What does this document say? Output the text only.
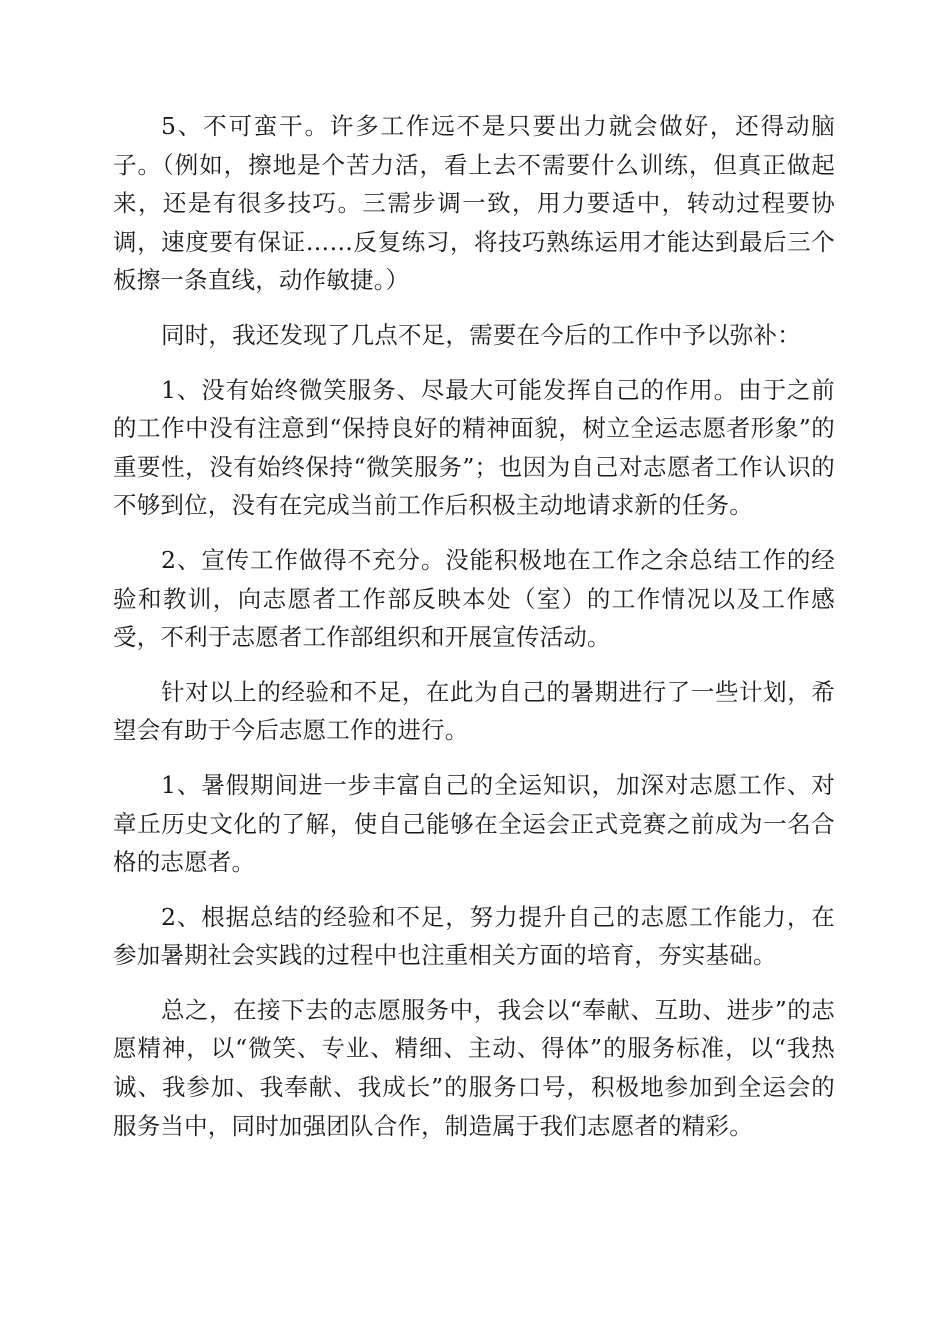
5、不可蛮干。许多工作远不是只要出力就会做好，还得动脑子。（例如，擦地是个苦力活，看上去不需要什么训练，但真正做起来，还是有很多技巧。三需步调一致，用力要适中，转动过程要协调，速度要有保证……反复练习，将技巧熟练运用才能达到最后三个板擦一条直线，动作敏捷。）

同时，我还发现了几点不足，需要在今后的工作中予以弥补：

1、没有始终微笑服务、尽最大可能发挥自己的作用。由于之前的工作中没有注意到“保持良好的精神面貌，树立全运志愿者形象”的重要性，没有始终保持“微笑服务”；也因为自己对志愿者工作认识的不够到位，没有在完成当前工作后积极主动地请求新的任务。

2、宣传工作做得不充分。没能积极地在工作之余总结工作的经验和教训，向志愿者工作部反映本处（室）的工作情况以及工作感受，不利于志愿者工作部组织和开展宣传活动。

针对以上的经验和不足，在此为自己的暑期进行了一些计划，希望会有助于今后志愿工作的进行。

1、暑假期间进一步丰富自己的全运知识，加深对志愿工作、对章丘历史文化的了解，使自己能够在全运会正式竞赛之前成为一名合格的志愿者。

2、根据总结的经验和不足，努力提升自己的志愿工作能力，在参加暑期社会实践的过程中也注重相关方面的培育，夯实基础。

总之，在接下去的志愿服务中，我会以“奉献、互助、进步”的志愿精神，以“微笑、专业、精细、主动、得体”的服务标准，以“我热诚、我参加、我奉献、我成长”的服务口号，积极地参加到全运会的服务当中，同时加强团队合作，制造属于我们志愿者的精彩。
